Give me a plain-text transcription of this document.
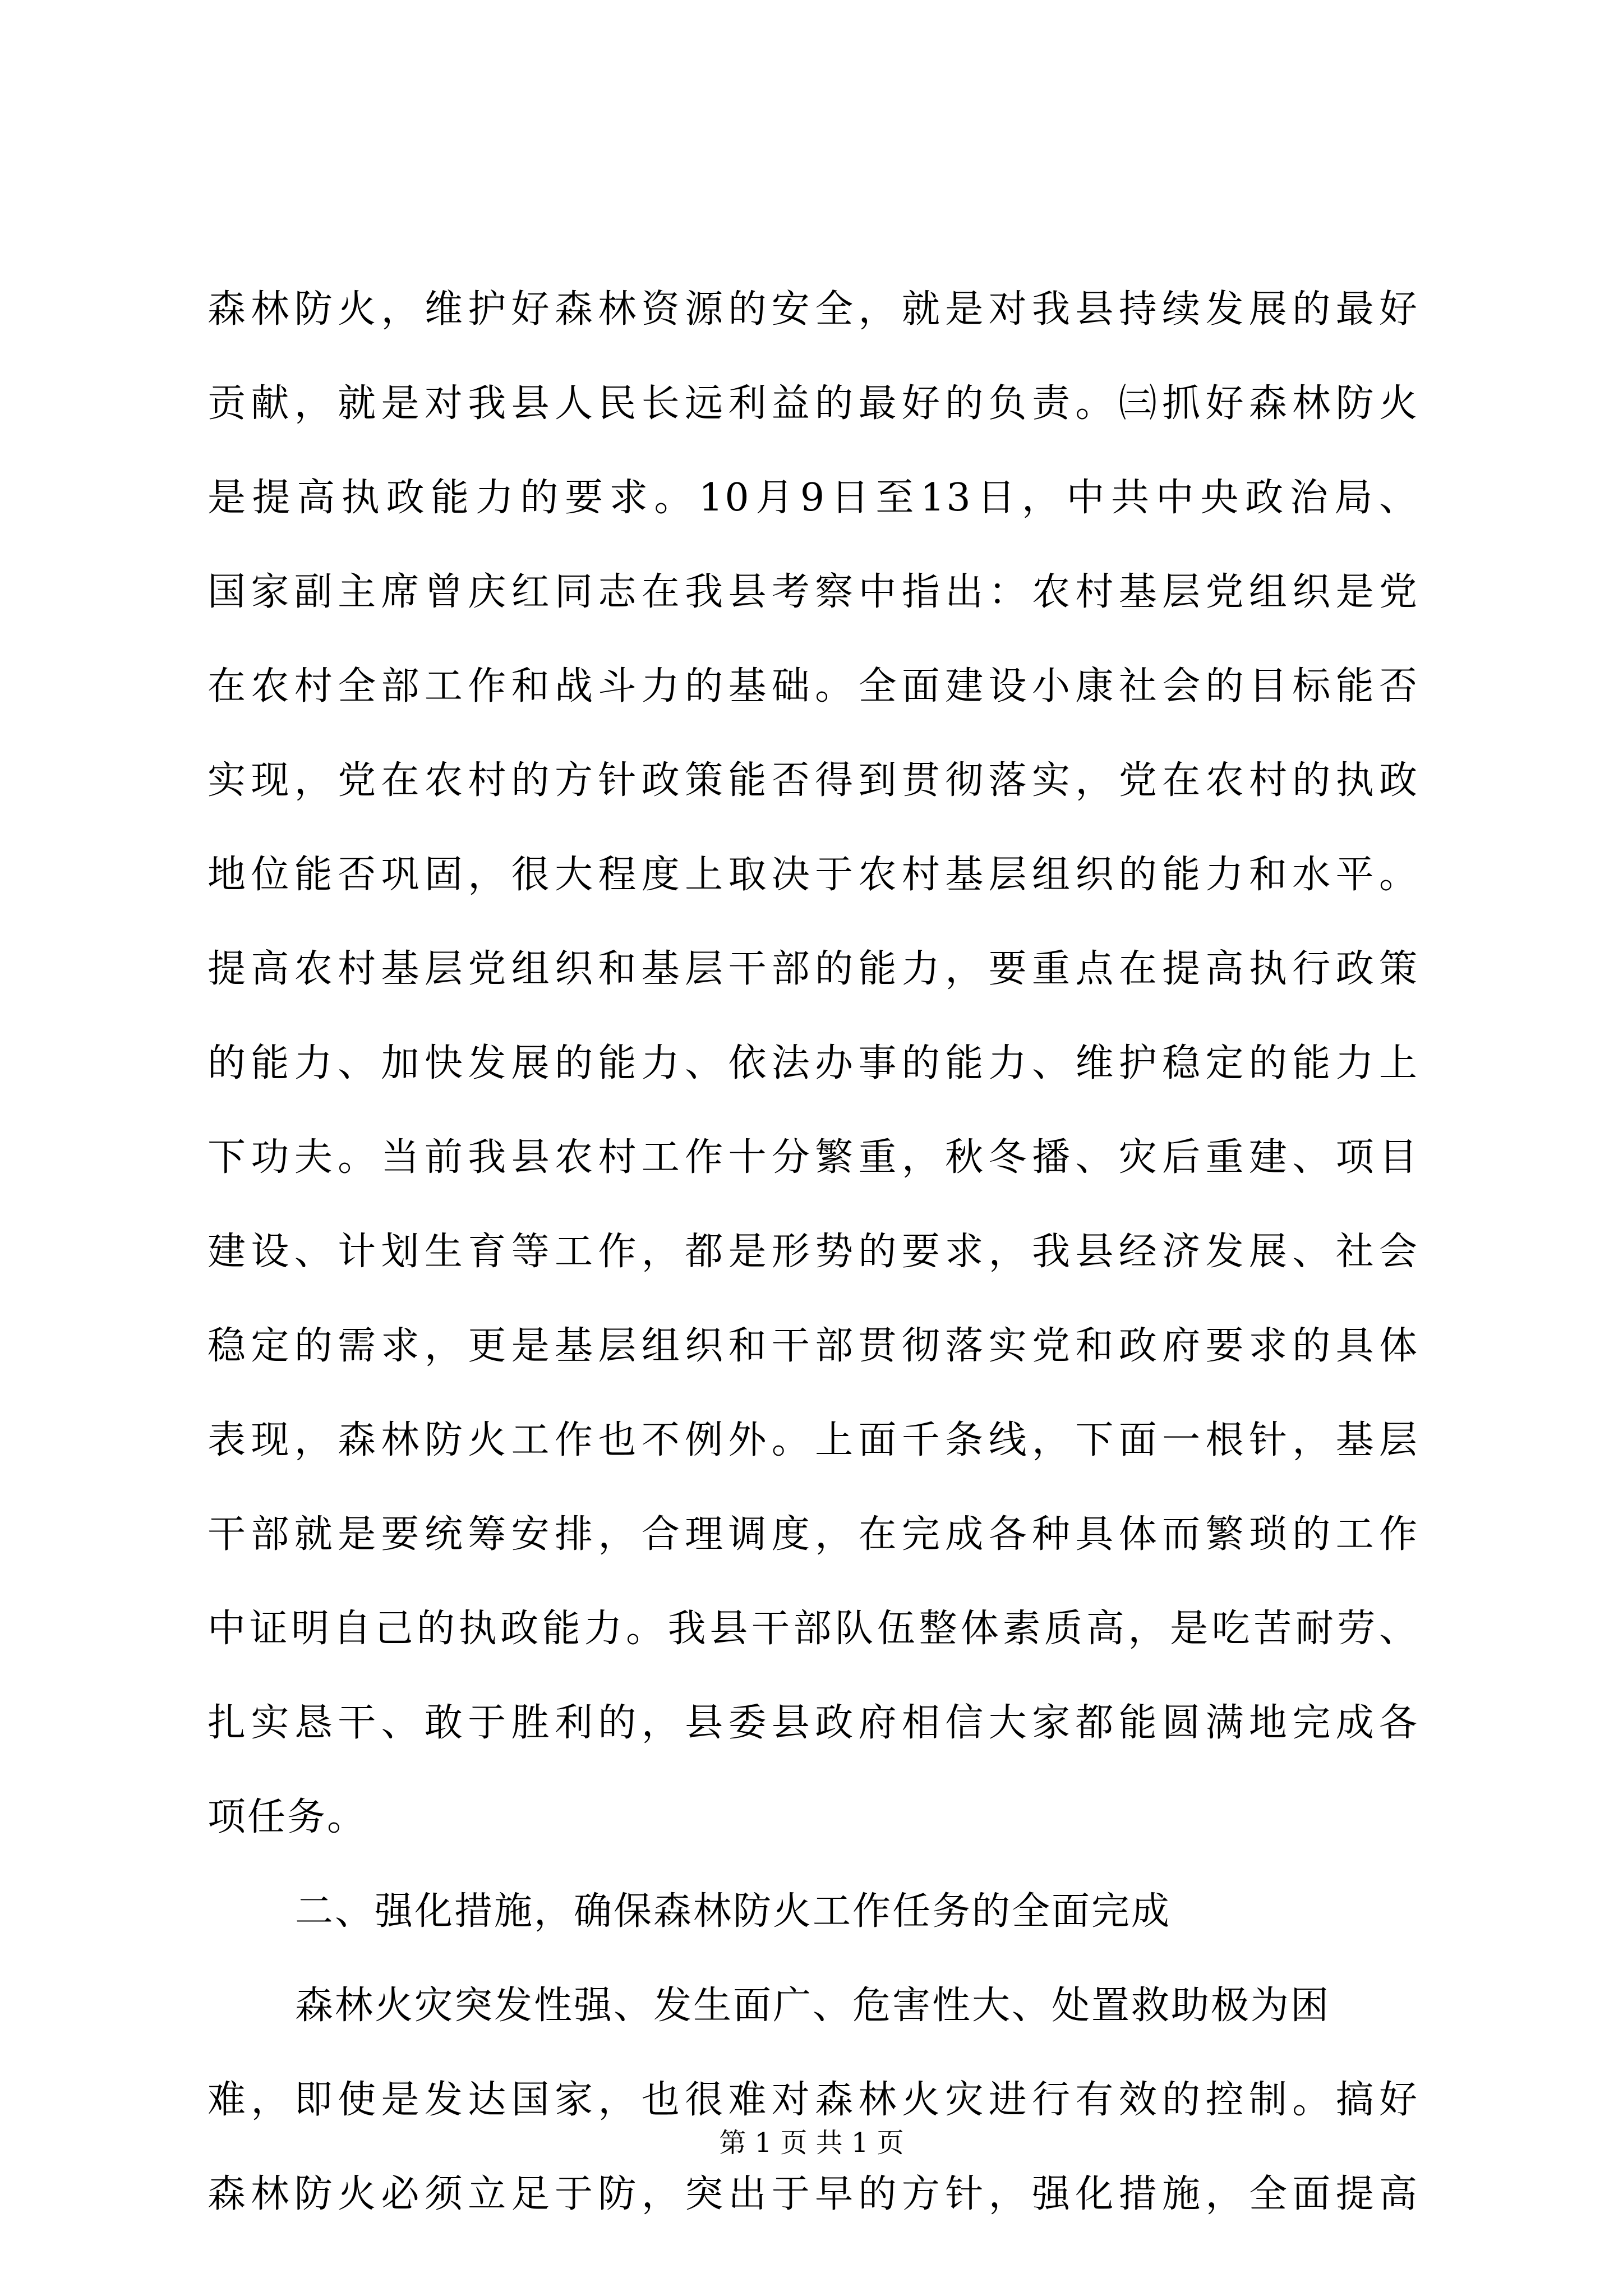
森林防火，维护好森林资源的安全，就是对我县持续发展的最好
贡献，就是对我县人民长远利益的最好的负责。㈢抓好森林防火
是提高执政能力的要求。10月9日至13日，中共中央政治局、
国家副主席曾庆红同志在我县考察中指出：农村基层党组织是党
在农村全部工作和战斗力的基础。全面建设小康社会的目标能否
实现，党在农村的方针政策能否得到贯彻落实，党在农村的执政
地位能否巩固，很大程度上取决于农村基层组织的能力和水平。
提高农村基层党组织和基层干部的能力，要重点在提高执行政策
的能力、加快发展的能力、依法办事的能力、维护稳定的能力上
下功夫。当前我县农村工作十分繁重，秋冬播、灾后重建、项目
建设、计划生育等工作，都是形势的要求，我县经济发展、社会
稳定的需求，更是基层组织和干部贯彻落实党和政府要求的具体
表现，森林防火工作也不例外。上面千条线，下面一根针，基层
干部就是要统筹安排，合理调度，在完成各种具体而繁琐的工作
中证明自己的执政能力。我县干部队伍整体素质高，是吃苦耐劳、
扎实恳干、敢于胜利的，县委县政府相信大家都能圆满地完成各
项任务。
二、强化措施，确保森林防火工作任务的全面完成
森林火灾突发性强、发生面广、危害性大、处置救助极为困
难，即使是发达国家，也很难对森林火灾进行有效的控制。搞好
森林防火必须立足于防，突出于早的方针，强化措施，全面提高
第 1 页 共 1 页
